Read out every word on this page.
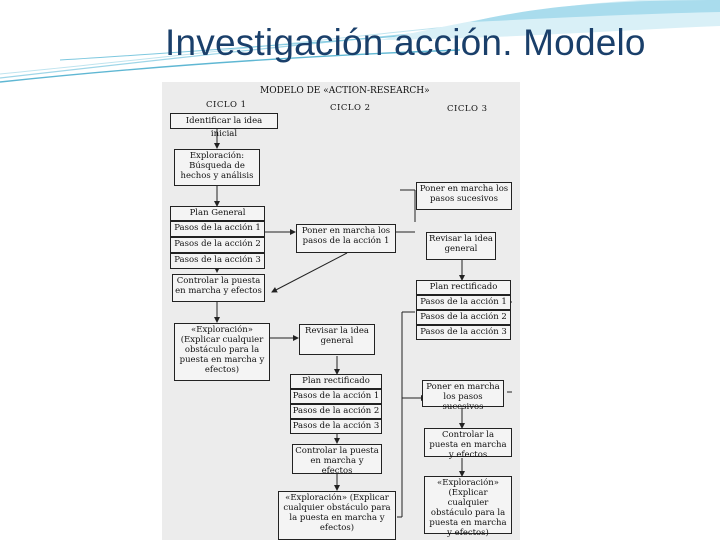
Investigación acción. Modelo
MODELO DE «ACTION-RESEARCH»
CICLO 1	CICLO 2	CICLO 3
Identificar la idea inicial
Exploración: Búsqueda de hechos y análisis
Plan General
Pasos de la acción 1
Pasos de la acción 2
Pasos de la acción 3
Controlar la puesta en marcha y efectos
«Exploración» (Explicar cualquier obstáculo para la puesta en marcha y efectos)
Poner en marcha los pasos de la acción 1
Revisar la idea general
Plan rectificado
Pasos de la acción 1
Pasos de la acción 2
Pasos de la acción 3
Controlar la puesta en marcha y efectos
«Exploración» (Explicar cualquier obstáculo para la puesta en marcha y efectos)
Poner en marcha los pasos sucesivos
Revisar la idea general
Plan rectificado
Pasos de la acción 1
Pasos de la acción 2
Pasos de la acción 3
Poner en marcha los pasos sucesivos
Controlar la puesta en marcha y efectos
«Exploración» (Explicar cualquier obstáculo para la puesta en marcha y efectos)
